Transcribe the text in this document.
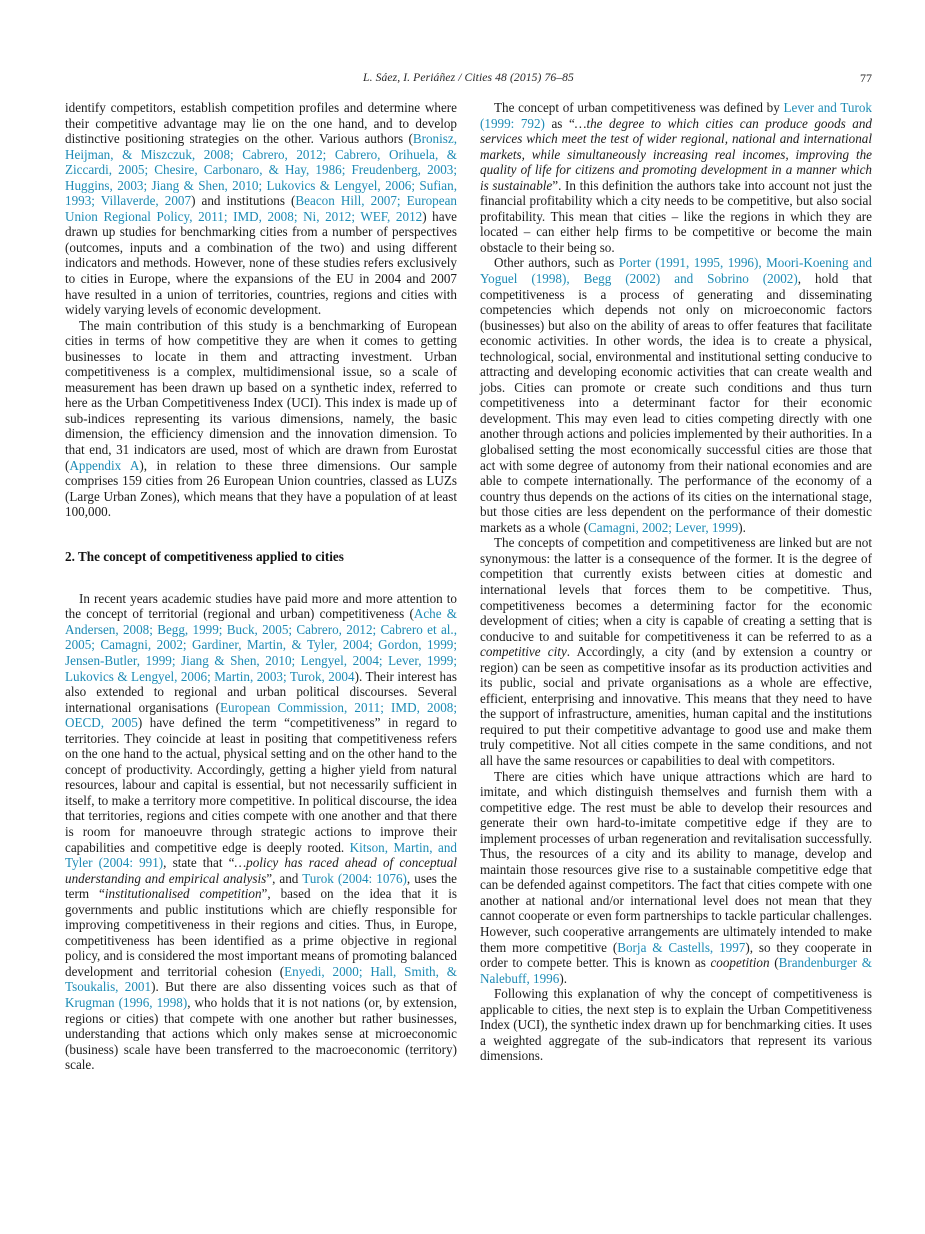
L. Sáez, I. Periáñez / Cities 48 (2015) 76–85	77

identify competitors, establish competition profiles and determine where their competitive advantage may lie on the one hand, and to develop distinctive positioning strategies on the other. Various authors (Bronisz, Heijman, & Miszczuk, 2008; Cabrero, 2012; Cabrero, Orihuela, & Ziccardi, 2005; Chesire, Carbonaro, & Hay, 1986; Freudenberg, 2003; Huggins, 2003; Jiang & Shen, 2010; Lukovics & Lengyel, 2006; Sufian, 1993; Villaverde, 2007) and institutions (Beacon Hill, 2007; European Union Regional Policy, 2011; IMD, 2008; Ni, 2012; WEF, 2012) have drawn up studies for benchmarking cities from a number of perspectives (outcomes, inputs and a combination of the two) and using different indicators and methods. However, none of these studies refers exclusively to cities in Europe, where the expansions of the EU in 2004 and 2007 have resulted in a union of territories, countries, regions and cities with widely varying levels of economic development.

The main contribution of this study is a benchmarking of European cities in terms of how competitive they are when it comes to getting businesses to locate in them and attracting investment. Urban competitiveness is a complex, multidimensional issue, so a scale of measurement has been drawn up based on a synthetic index, referred to here as the Urban Competitiveness Index (UCI). This index is made up of sub-indices representing its various dimensions, namely, the basic dimension, the efficiency dimension and the innovation dimension. To that end, 31 indicators are used, most of which are drawn from Eurostat (Appendix A), in relation to these three dimensions. Our sample comprises 159 cities from 26 European Union countries, classed as LUZs (Large Urban Zones), which means that they have a population of at least 100,000.

2. The concept of competitiveness applied to cities

In recent years academic studies have paid more and more attention to the concept of territorial (regional and urban) competitiveness (Ache & Andersen, 2008; Begg, 1999; Buck, 2005; Cabrero, 2012; Cabrero et al., 2005; Camagni, 2002; Gardiner, Martin, & Tyler, 2004; Gordon, 1999; Jensen-Butler, 1999; Jiang & Shen, 2010; Lengyel, 2004; Lever, 1999; Lukovics & Lengyel, 2006; Martin, 2003; Turok, 2004). Their interest has also extended to regional and urban political discourses. Several international organisations (European Commission, 2011; IMD, 2008; OECD, 2005) have defined the term “competitiveness” in regard to territories. They coincide at least in positing that competitiveness refers on the one hand to the actual, physical setting and on the other hand to the concept of productivity. Accordingly, getting a higher yield from natural resources, labour and capital is essential, but not necessarily sufficient in itself, to make a territory more competitive. In political discourse, the idea that territories, regions and cities compete with one another and that there is room for manoeuvre through strategic actions to improve their capabilities and competitive edge is deeply rooted. Kitson, Martin, and Tyler (2004: 991), state that “…policy has raced ahead of conceptual understanding and empirical analysis”, and Turok (2004: 1076), uses the term “institutionalised competition”, based on the idea that it is governments and public institutions which are chiefly responsible for improving competitiveness in their regions and cities. Thus, in Europe, competitiveness has been identified as a prime objective in regional policy, and is considered the most important means of promoting balanced development and territorial cohesion (Enyedi, 2000; Hall, Smith, & Tsoukalis, 2001). But there are also dissenting voices such as that of Krugman (1996, 1998), who holds that it is not nations (or, by extension, regions or cities) that compete with one another but rather businesses, understanding that actions which only makes sense at microeconomic (business) scale have been transferred to the macroeconomic (territory) scale.

The concept of urban competitiveness was defined by Lever and Turok (1999: 792) as “…the degree to which cities can produce goods and services which meet the test of wider regional, national and international markets, while simultaneously increasing real incomes, improving the quality of life for citizens and promoting development in a manner which is sustainable”. In this definition the authors take into account not just the financial profitability which a city needs to be competitive, but also social profitability. This mean that cities – like the regions in which they are located – can either help firms to be competitive or become the main obstacle to their being so.

Other authors, such as Porter (1991, 1995, 1996), Moori-Koening and Yoguel (1998), Begg (2002) and Sobrino (2002), hold that competitiveness is a process of generating and disseminating competencies which depends not only on microeconomic factors (businesses) but also on the ability of areas to offer features that facilitate economic activities. In other words, the idea is to create a physical, technological, social, environmental and institutional setting conducive to attracting and developing economic activities that can create wealth and jobs. Cities can promote or create such conditions and thus turn competitiveness into a determinant factor for their economic development. This may even lead to cities competing directly with one another through actions and policies implemented by their authorities. In a globalised setting the most economically successful cities are those that act with some degree of autonomy from their national economies and are able to compete internationally. The performance of the economy of a country thus depends on the actions of its cities on the international stage, but those cities are less dependent on the performance of their domestic markets as a whole (Camagni, 2002; Lever, 1999).

The concepts of competition and competitiveness are linked but are not synonymous: the latter is a consequence of the former. It is the degree of competition that currently exists between cities at domestic and international levels that forces them to be competitive. Thus, competitiveness becomes a determining factor for the economic development of cities; when a city is capable of creating a setting that is conducive to and suitable for competitiveness it can be referred to as a competitive city. Accordingly, a city (and by extension a country or region) can be seen as competitive insofar as its production activities and its public, social and private organisations as a whole are effective, efficient, enterprising and innovative. This means that they need to have the support of infrastructure, amenities, human capital and the institutions required to put their competitive advantage to good use and make them truly competitive. Not all cities compete in the same conditions, and not all have the same resources or capabilities to deal with competitors.

There are cities which have unique attractions which are hard to imitate, and which distinguish themselves and furnish them with a competitive edge. The rest must be able to develop their resources and generate their own hard-to-imitate competitive edge if they are to implement processes of urban regeneration and revitalisation successfully. Thus, the resources of a city and its ability to manage, develop and maintain those resources give rise to a sustainable competitive edge that can be defended against competitors. The fact that cities compete with one another at national and/or international level does not mean that they cannot cooperate or even form partnerships to tackle particular challenges. However, such cooperative arrangements are ultimately intended to make them more competitive (Borja & Castells, 1997), so they cooperate in order to compete better. This is known as coopetition (Brandenburger & Nalebuff, 1996).

Following this explanation of why the concept of competitiveness is applicable to cities, the next step is to explain the Urban Competitiveness Index (UCI), the synthetic index drawn up for benchmarking cities. It uses a weighted aggregate of the sub-indicators that represent its various dimensions.
